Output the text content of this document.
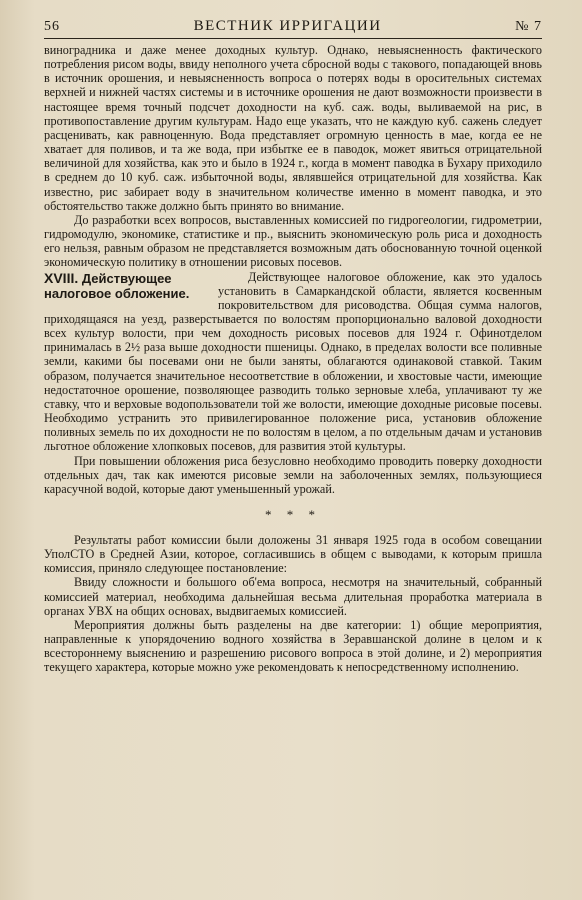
56	ВЕСТНИК ИРРИГАЦИИ	№ 7

виноградника и даже менее доходных культур. Однако, невыясненность фактического потребления рисом воды, ввиду неполного учета сбросной воды с такового, попадающей вновь в источник орошения, и невыясненность вопроса о потерях воды в оросительных системах верхней и нижней частях системы и в источнике орошения не дают возможности произвести в настоящее время точный подсчет доходности на куб. саж. воды, выливаемой на рис, в противопоставление другим культурам. Надо еще указать, что не каждую куб. сажень следует расценивать, как равноценную. Вода представляет огромную ценность в мае, когда ее не хватает для поливов, и та же вода, при избытке ее в паводок, может явиться отрицательной величиной для хозяйства, как это и было в 1924 г., когда в момент паводка в Бухару приходило в среднем до 10 куб. саж. избыточной воды, являвшейся отрицательной для хозяйства. Как известно, рис забирает воду в значительном количестве именно в момент паводка, и это обстоятельство также должно быть принято во внимание.

До разработки всех вопросов, выставленных комиссией по гидрогеологии, гидрометрии, гидромодулю, экономике, статистике и пр., выяснить экономическую роль риса и доходность его нельзя, равным образом не представляется возможным дать обоснованную точной оценкой экономическую политику в отношении рисовых посевов.

XVIII. Действующее налоговое обложение.

Действующее налоговое обложение, как это удалось установить в Самаркандской области, является косвенным покровительством для рисоводства. Общая сумма налогов, приходящаяся на уезд, разверстывается по волостям пропорционально валовой доходности всех культур волости, при чем доходность рисовых посевов для 1924 г. Офинотделом принималась в 2½ раза выше доходности пшеницы. Однако, в пределах волости все поливные земли, какими бы посевами они не были заняты, облагаются одинаковой ставкой. Таким образом, получается значительное несоответствие в обложении, и хвостовые части, имеющие недостаточное орошение, позволяющее разводить только зерновые хлеба, уплачивают ту же ставку, что и верховые водопользователи той же волости, имеющие доходные рисовые посевы. Необходимо устранить это привилегированное положение риса, установив обложение поливных земель по их доходности не по волостям в целом, а по отдельным дачам и установив льготное обложение хлопковых посевов, для развития этой культуры.

При повышении обложения риса безусловно необходимо проводить поверку доходности отдельных дач, так как имеются рисовые земли на заболоченных землях, пользующиеся карасучной водой, которые дают уменьшенный урожай.

* * *

Результаты работ комиссии были доложены 31 января 1925 года в особом совещании УполСТО в Средней Азии, которое, согласившись в общем с выводами, к которым пришла комиссия, приняло следующее постановление:

Ввиду сложности и большого об'ема вопроса, несмотря на значительный, собранный комиссией материал, необходима дальнейшая весьма длительная проработка материала в органах УВХ на общих основах, выдвигаемых комиссией.

Мероприятия должны быть разделены на две категории: 1) общие мероприятия, направленные к упорядочению водного хозяйства в Зеравшанской долине в целом и к всестороннему выяснению и разрешению рисового вопроса в этой долине, и 2) мероприятия текущего характера, которые можно уже рекомендовать к непосредственному исполнению.
